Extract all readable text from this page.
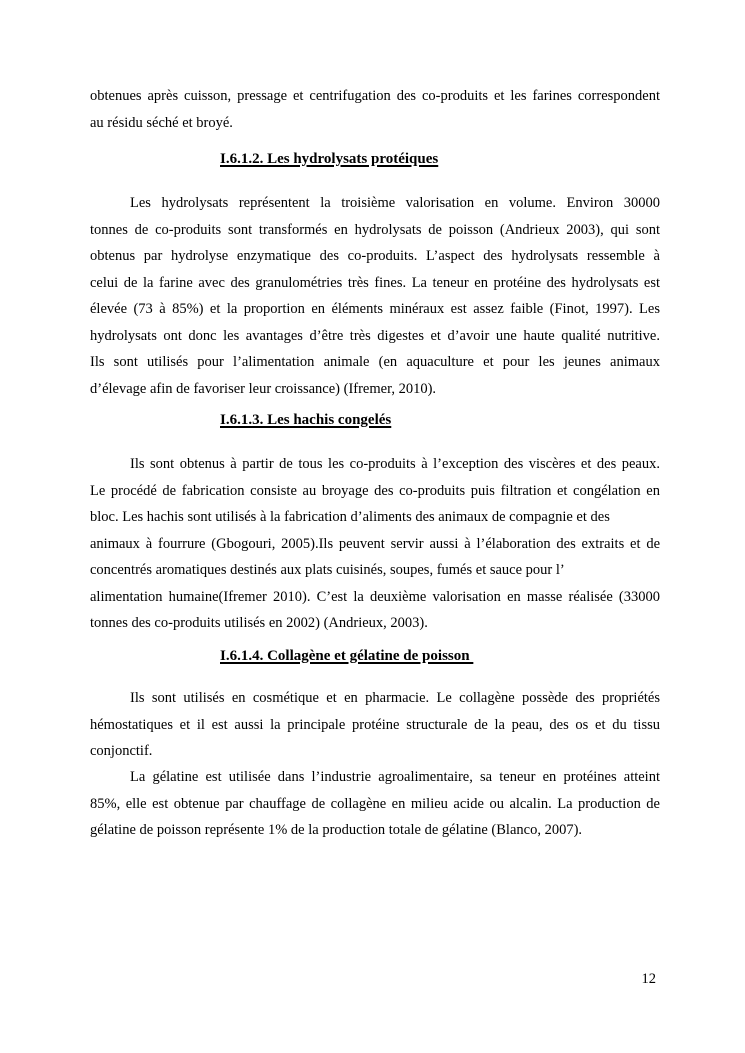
obtenues après cuisson, pressage et centrifugation des co-produits et les farines correspondent
au résidu séché et broyé.
I.6.1.2. Les hydrolysats protéiques
Les hydrolysats représentent la troisième valorisation en volume. Environ 30000
tonnes de co-produits sont transformés en hydrolysats de poisson (Andrieux 2003), qui sont
obtenus par hydrolyse enzymatique des co-produits. L’aspect des hydrolysats ressemble à
celui de la farine avec des granulométries très fines. La teneur en protéine des hydrolysats est
élevée (73 à 85%) et la proportion en éléments minéraux est assez faible (Finot, 1997). Les
hydrolysats ont donc les avantages d’être très digestes et d’avoir une haute qualité nutritive.
Ils sont utilisés pour l’alimentation animale (en aquaculture et pour les jeunes animaux
d’élevage afin de favoriser leur croissance) (Ifremer, 2010).
I.6.1.3. Les hachis congelés
Ils sont obtenus à partir de tous les co-produits à l’exception des viscères et des peaux.
Le procédé de fabrication consiste au broyage des co-produits puis filtration et congélation en
bloc. Les hachis sont utilisés à la fabrication d’aliments des animaux de compagnie et des
animaux à fourrure (Gbogouri, 2005).Ils peuvent servir aussi à l’élaboration des extraits et de
concentrés aromatiques destinés aux plats cuisinés, soupes, fumés et sauce pour l’
alimentation humaine(Ifremer 2010). C’est la deuxième valorisation en masse réalisée (33000
tonnes des co-produits utilisés en 2002) (Andrieux, 2003).
I.6.1.4. Collagène et gélatine de poisson
Ils sont utilisés en cosmétique et en pharmacie. Le collagène possède des propriétés
hémostatiques et il est aussi la principale protéine structurale de la peau, des os et du tissu
conjonctif.
La gélatine est utilisée dans l’industrie agroalimentaire, sa teneur en protéines atteint
85%, elle est obtenue par chauffage de collagène en milieu acide ou alcalin. La production de
gélatine de poisson représente 1% de la production totale de gélatine (Blanco, 2007).
12
